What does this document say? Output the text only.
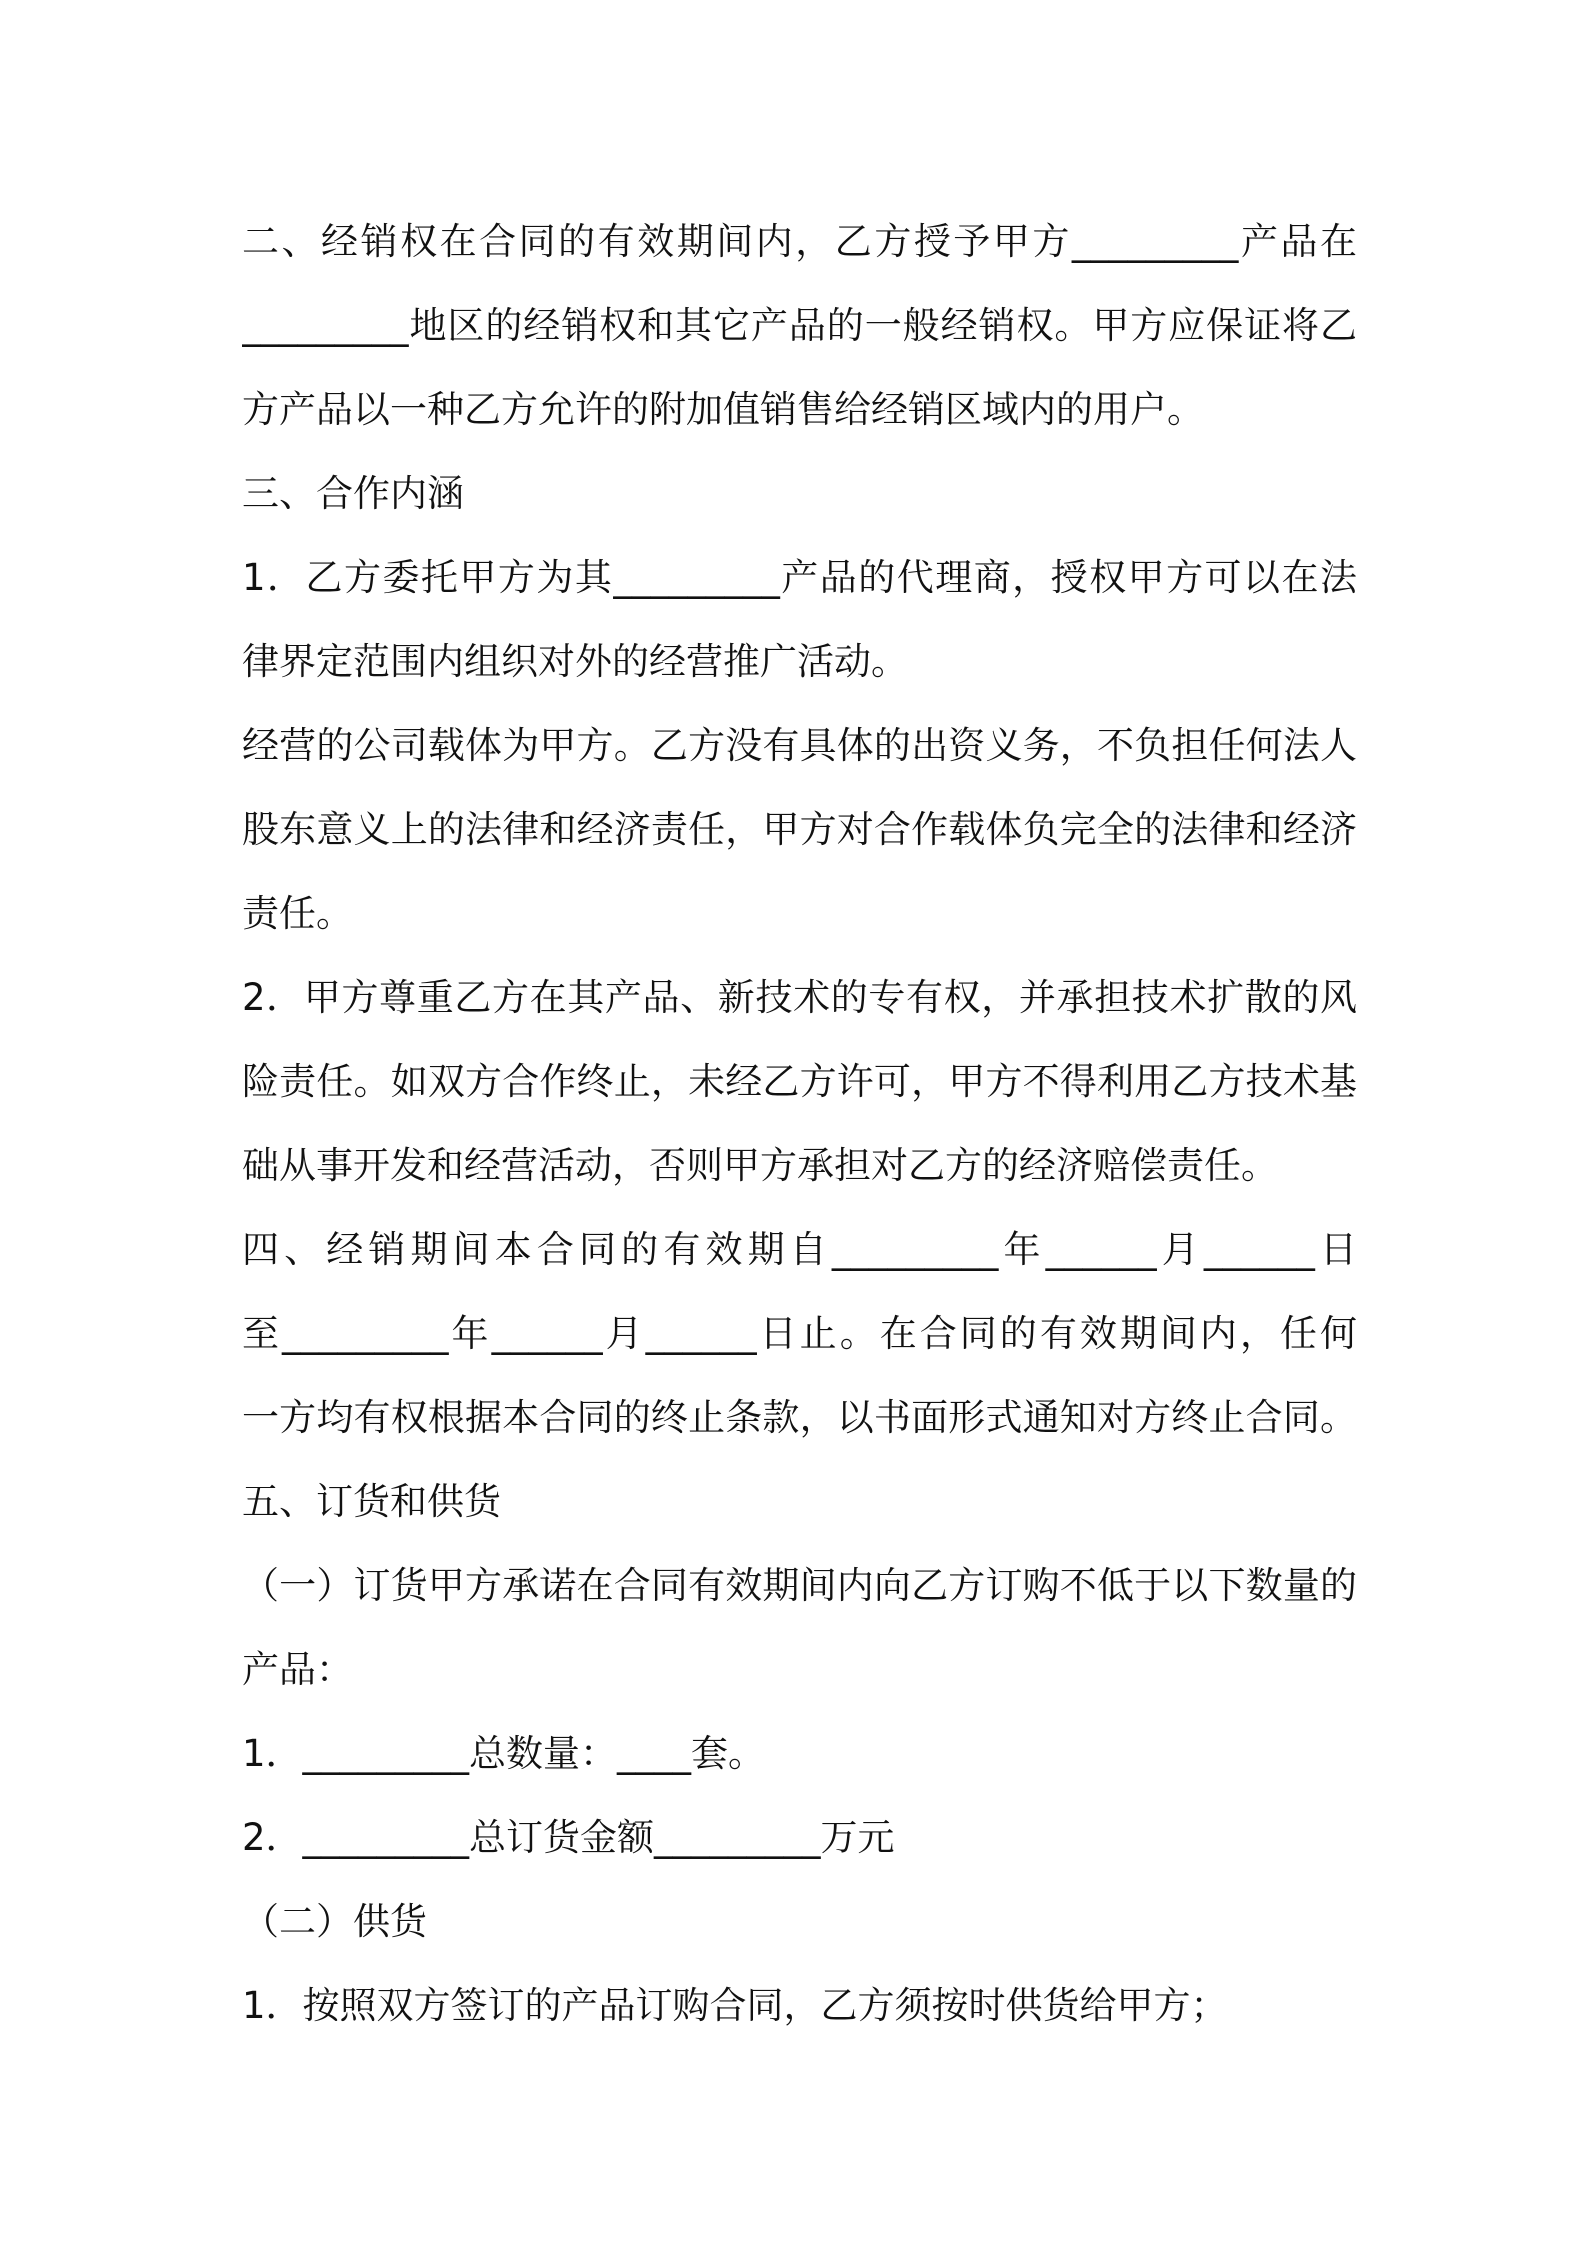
二、经销权在合同的有效期间内，乙方授予甲方_________产品在
_________地区的经销权和其它产品的一般经销权。甲方应保证将乙
方产品以一种乙方允许的附加值销售给经销区域内的用户。
三、合作内涵
1．乙方委托甲方为其_________产品的代理商，授权甲方可以在法
律界定范围内组织对外的经营推广活动。
经营的公司载体为甲方。乙方没有具体的出资义务，不负担任何法人
股东意义上的法律和经济责任，甲方对合作载体负完全的法律和经济
责任。
2．甲方尊重乙方在其产品、新技术的专有权，并承担技术扩散的风
险责任。如双方合作终止，未经乙方许可，甲方不得利用乙方技术基
础从事开发和经营活动，否则甲方承担对乙方的经济赔偿责任。
四、经销期间本合同的有效期自_________年______月______日
至_________年______月______日止。在合同的有效期间内，任何
一方均有权根据本合同的终止条款，以书面形式通知对方终止合同。
五、订货和供货
（一）订货甲方承诺在合同有效期间内向乙方订购不低于以下数量的
产品：
1．_________总数量：____套。
2．_________总订货金额_________万元
（二）供货
1．按照双方签订的产品订购合同，乙方须按时供货给甲方；
